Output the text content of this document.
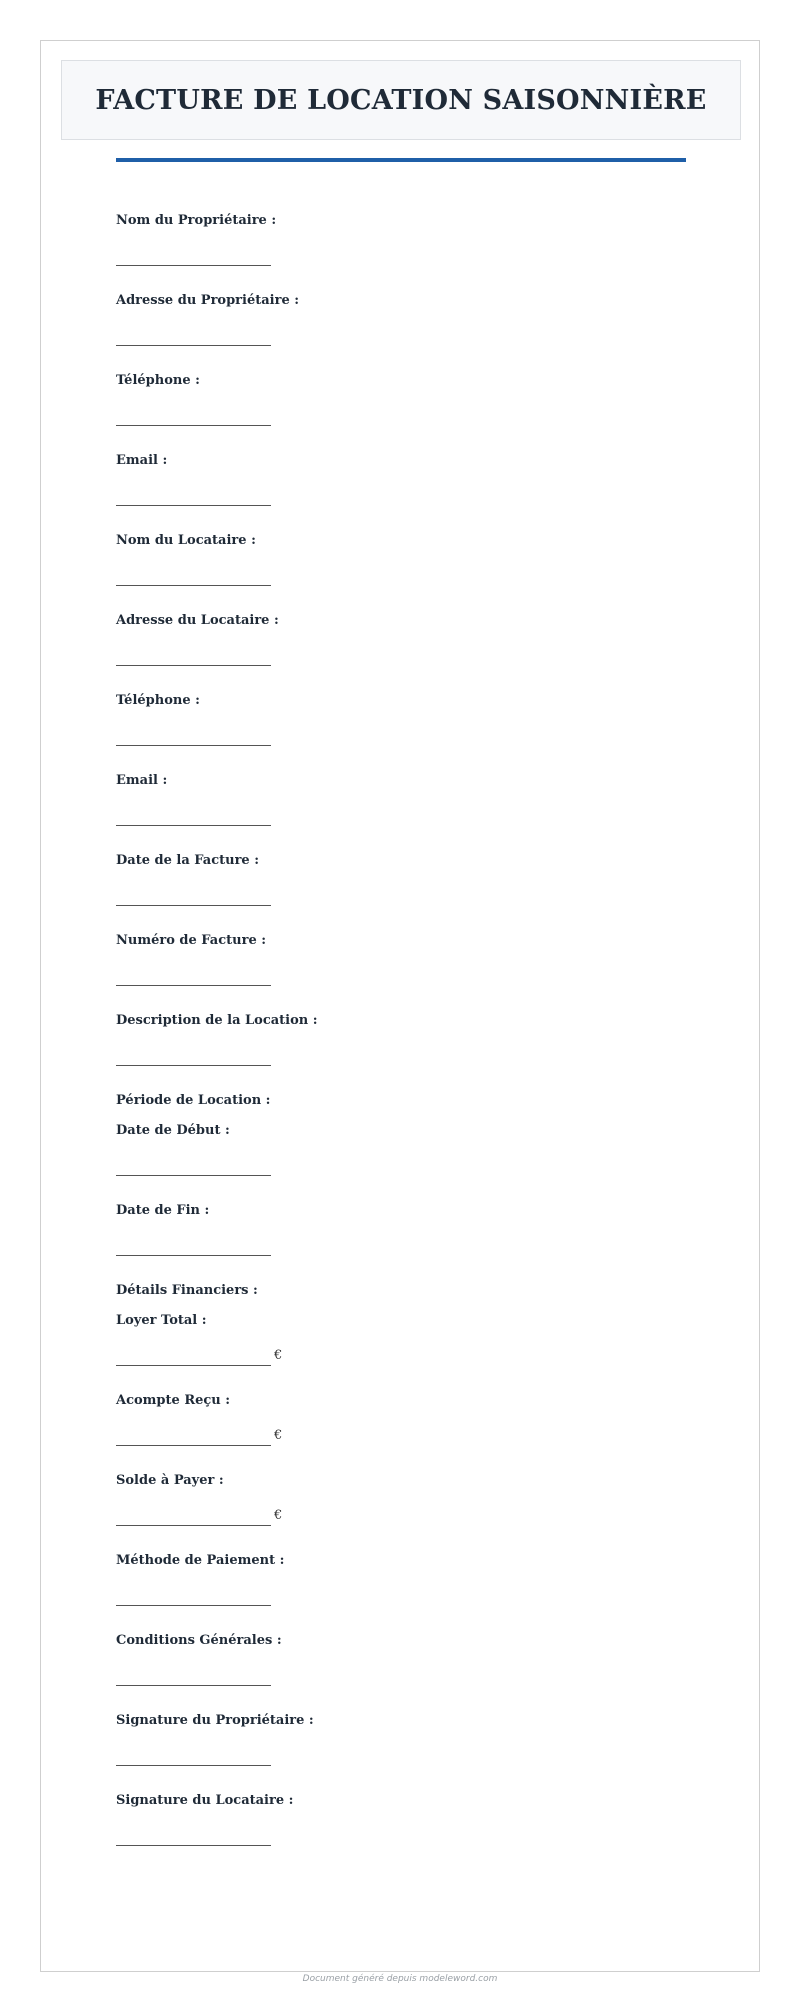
FACTURE DE LOCATION SAISONNIÈRE
Nom du Propriétaire :
Adresse du Propriétaire :
Téléphone :
Email :
Nom du Locataire :
Adresse du Locataire :
Téléphone :
Email :
Date de la Facture :
Numéro de Facture :
Description de la Location :
Période de Location :
Date de Début :
Date de Fin :
Détails Financiers :
Loyer Total :
€
Acompte Reçu :
€
Solde à Payer :
€
Méthode de Paiement :
Conditions Générales :
Signature du Propriétaire :
Signature du Locataire :
Document généré depuis modeleword.com
